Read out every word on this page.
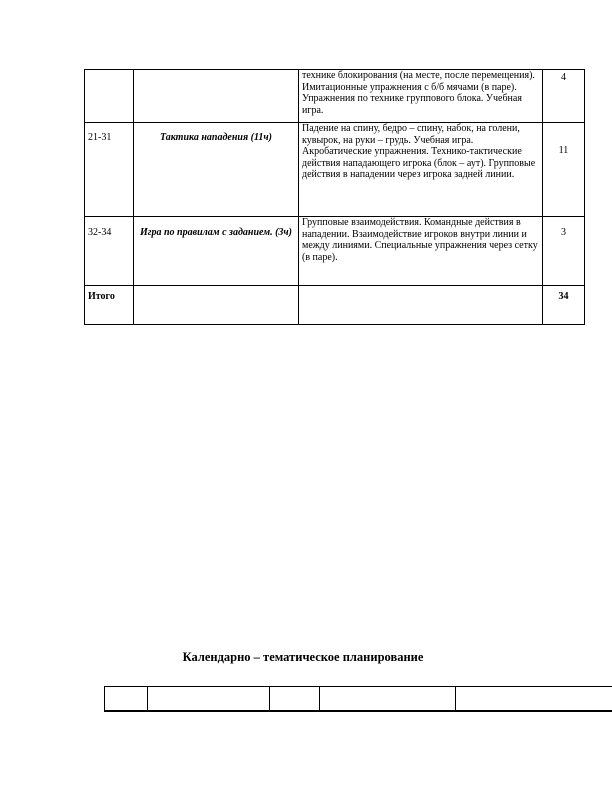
		технике блокирования (на месте, после перемещения). Имитационные упражнения с б/б мячами (в паре). Упражнения по технике группового блока. Учебная игра.	4
21-31	Тактика нападения (11ч)	Падение на спину, бедро – спину, набок, на голени, кувырок, на руки – грудь. Учебная игра. Акробатические упражнения. Технико-тактические действия нападающего игрока (блок – аут). Групповые действия в нападении через игрока задней линии.	11
32-34	Игра по правилам с заданием. (3ч)	Групповые взаимодействия. Командные действия в нападении. Взаимодействие игроков внутри линии и между линиями. Специальные упражнения через сетку (в паре).	3
Итого			34
Календарно – тематическое планирование
